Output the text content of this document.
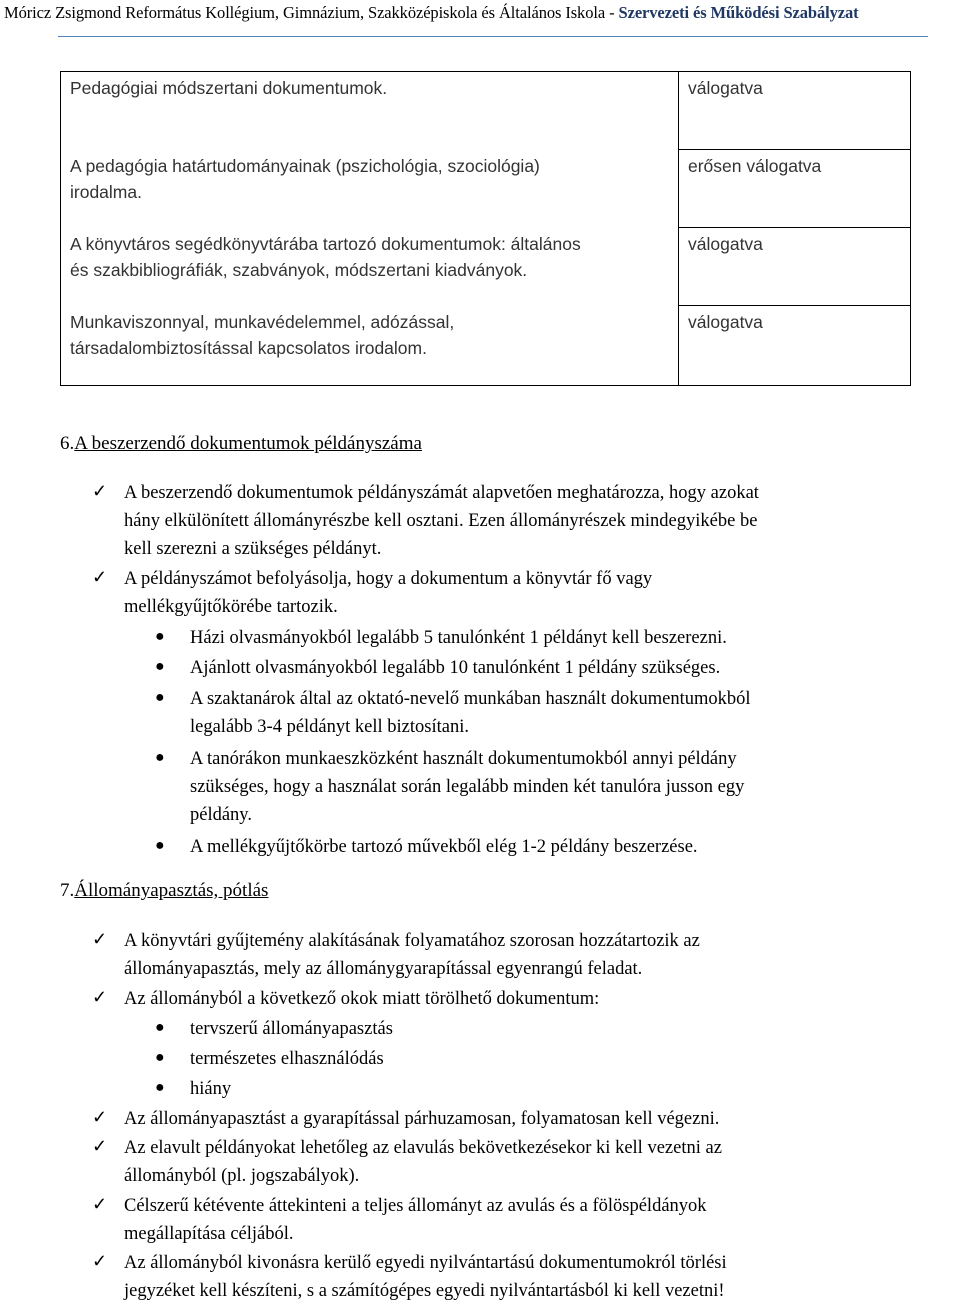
Móricz Zsigmond Református Kollégium, Gimnázium, Szakközépiskola és Általános Iskola - Szervezeti és Működési Szabályzat
Pedagógiai módszertani dokumentumok.	válogatva

A pedagógia határtudományainak (pszichológia, szociológia)
irodalma.	erősen válogatva

A könyvtáros segédkönyvtárába tartozó dokumentumok: általános
és szakbibliográfiák, szabványok, módszertani kiadványok.	válogatva

Munkaviszonnyal, munkavédelemmel, adózással,
társadalombiztosítással kapcsolatos irodalom.	válogatva
6.A beszerzendő dokumentumok példányszáma
✓ A beszerzendő dokumentumok példányszámát alapvetően meghatározza, hogy azokat
hány elkülönített állományrészbe kell osztani. Ezen állományrészek mindegyikébe be
kell szerezni a szükséges példányt.
✓ A példányszámot befolyásolja, hogy a dokumentum a könyvtár fő vagy
mellékgyűjtőkörébe tartozik.
● Házi olvasmányokból legalább 5 tanulónként 1 példányt kell beszerezni.
● Ajánlott olvasmányokból legalább 10 tanulónként 1 példány szükséges.
● A szaktanárok által az oktató-nevelő munkában használt dokumentumokból
legalább 3-4 példányt kell biztosítani.
● A tanórákon munkaeszközként használt dokumentumokból annyi példány
szükséges, hogy a használat során legalább minden két tanulóra jusson egy
példány.
● A mellékgyűjtőkörbe tartozó művekből elég 1-2 példány beszerzése.
7.Állományapasztás, pótlás
✓ A könyvtári gyűjtemény alakításának folyamatához szorosan hozzátartozik az
állományapasztás, mely az állománygyarapítással egyenrangú feladat.
✓ Az állományból a következő okok miatt törölhető dokumentum:
● tervszerű állományapasztás
● természetes elhasználódás
● hiány
✓ Az állományapasztást a gyarapítással párhuzamosan, folyamatosan kell végezni.
✓ Az elavult példányokat lehetőleg az elavulás bekövetkezésekor ki kell vezetni az
állományból (pl. jogszabályok).
✓ Célszerű kétévente áttekinteni a teljes állományt az avulás és a fölöspéldányok
megállapítása céljából.
✓ Az állományból kivonásra kerülő egyedi nyilvántartású dokumentumokról törlési
jegyzéket kell készíteni, s a számítógépes egyedi nyilvántartásból ki kell vezetni!
